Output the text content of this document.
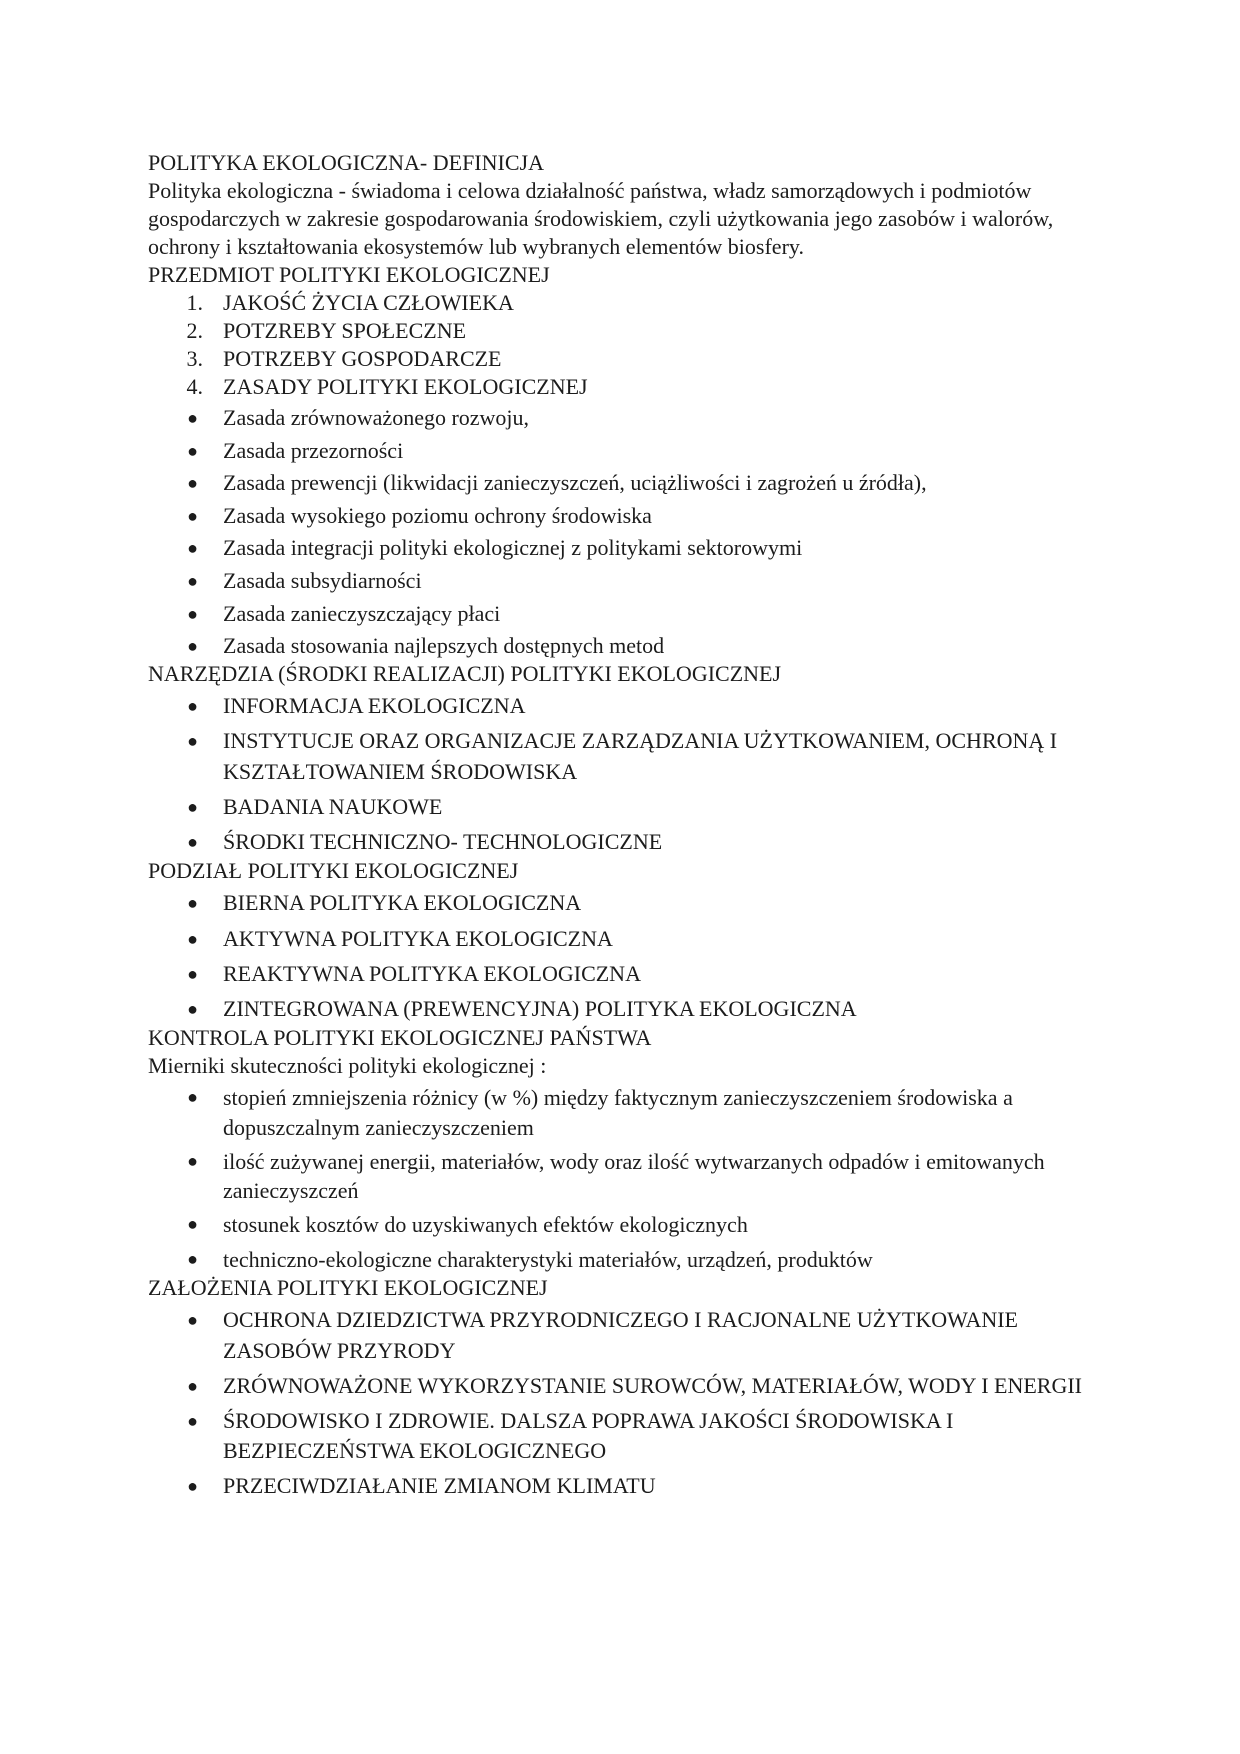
POLITYKA EKOLOGICZNA- DEFINICJA

Polityka ekologiczna - świadoma i celowa działalność państwa, władz samorządowych i podmiotów gospodarczych w zakresie gospodarowania środowiskiem, czyli użytkowania jego zasobów i walorów, ochrony i kształtowania ekosystemów lub wybranych elementów biosfery.

PRZEDMIOT POLITYKI EKOLOGICZNEJ

1. JAKOŚĆ ŻYCIA CZŁOWIEKA
2. POTZREBY SPOŁECZNE
3. POTRZEBY GOSPODARCZE
4. ZASADY POLITYKI EKOLOGICZNEJ
● Zasada zrównoważonego rozwoju,
● Zasada przezorności
● Zasada prewencji (likwidacji zanieczyszczeń, uciążliwości i zagrożeń u źródła),
● Zasada wysokiego poziomu ochrony środowiska
● Zasada integracji polityki ekologicznej z politykami sektorowymi
● Zasada subsydiarności
● Zasada zanieczyszczający płaci
● Zasada stosowania najlepszych dostępnych metod

NARZĘDZIA (ŚRODKI REALIZACJI) POLITYKI EKOLOGICZNEJ

● INFORMACJA EKOLOGICZNA
● INSTYTUCJE ORAZ ORGANIZACJE ZARZĄDZANIA UŻYTKOWANIEM, OCHRONĄ I KSZTAŁTOWANIEM ŚRODOWISKA
● BADANIA NAUKOWE
● ŚRODKI TECHNICZNO- TECHNOLOGICZNE

PODZIAŁ POLITYKI EKOLOGICZNEJ

● BIERNA POLITYKA EKOLOGICZNA
● AKTYWNA POLITYKA EKOLOGICZNA
● REAKTYWNA POLITYKA EKOLOGICZNA
● ZINTEGROWANA (PREWENCYJNA) POLITYKA EKOLOGICZNA

KONTROLA POLITYKI EKOLOGICZNEJ PAŃSTWA

Mierniki skuteczności polityki ekologicznej :

● stopień zmniejszenia różnicy (w %) między faktycznym zanieczyszczeniem środowiska a dopuszczalnym zanieczyszczeniem
● ilość zużywanej energii, materiałów, wody oraz ilość wytwarzanych odpadów i emitowanych zanieczyszczeń
● stosunek kosztów do uzyskiwanych efektów ekologicznych
● techniczno-ekologiczne charakterystyki materiałów, urządzeń, produktów

ZAŁOŻENIA POLITYKI EKOLOGICZNEJ

● OCHRONA DZIEDZICTWA PRZYRODNICZEGO I RACJONALNE UŻYTKOWANIE ZASOBÓW PRZYRODY
● ZRÓWNOWAŻONE WYKORZYSTANIE SUROWCÓW, MATERIAŁÓW, WODY I ENERGII
● ŚRODOWISKO I ZDROWIE. DALSZA POPRAWA JAKOŚCI ŚRODOWISKA I BEZPIECZEŃSTWA EKOLOGICZNEGO
● PRZECIWDZIAŁANIE ZMIANOM KLIMATU
